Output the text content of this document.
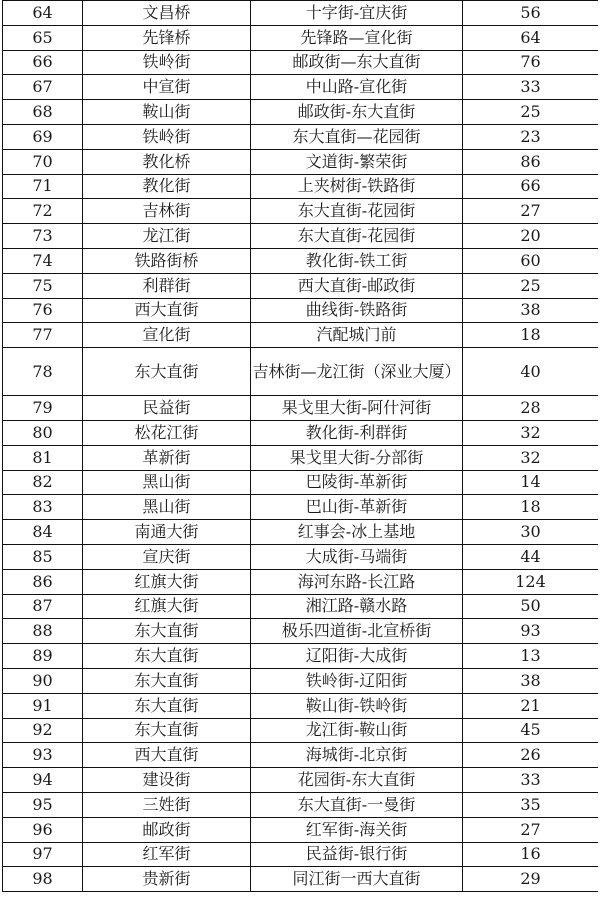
64	文昌桥	十字街-宜庆街	56
65	先锋桥	先锋路—宣化街	64
66	铁岭街	邮政街—东大直街	76
67	中宣街	中山路-宣化街	33
68	鞍山街	邮政街-东大直街	25
69	铁岭街	东大直街—花园街	23
70	教化桥	文道街-繁荣街	86
71	教化街	上夹树街-铁路街	66
72	吉林街	东大直街-花园街	27
73	龙江街	东大直街-花园街	20
74	铁路街桥	教化街-铁工街	60
75	利群街	西大直街-邮政街	25
76	西大直街	曲线街-铁路街	38
77	宣化街	汽配城门前	18
78	东大直街	吉林街—龙江街（深业大厦）	40
79	民益街	果戈里大街-阿什河街	28
80	松花江街	教化街-利群街	32
81	革新街	果戈里大街-分部街	32
82	黑山街	巴陵街-革新街	14
83	黑山街	巴山街-革新街	18
84	南通大街	红事会-冰上基地	30
85	宣庆街	大成街-马端街	44
86	红旗大街	海河东路-长江路	124
87	红旗大街	湘江路-赣水路	50
88	东大直街	极乐四道街-北宣桥街	93
89	东大直街	辽阳街-大成街	13
90	东大直街	铁岭街-辽阳街	38
91	东大直街	鞍山街-铁岭街	21
92	东大直街	龙江街-鞍山街	45
93	西大直街	海城街-北京街	26
94	建设街	花园街-东大直街	33
95	三姓街	东大直街-一曼街	35
96	邮政街	红军街-海关街	27
97	红军街	民益街-银行街	16
98	贵新街	同江街一西大直街	29
